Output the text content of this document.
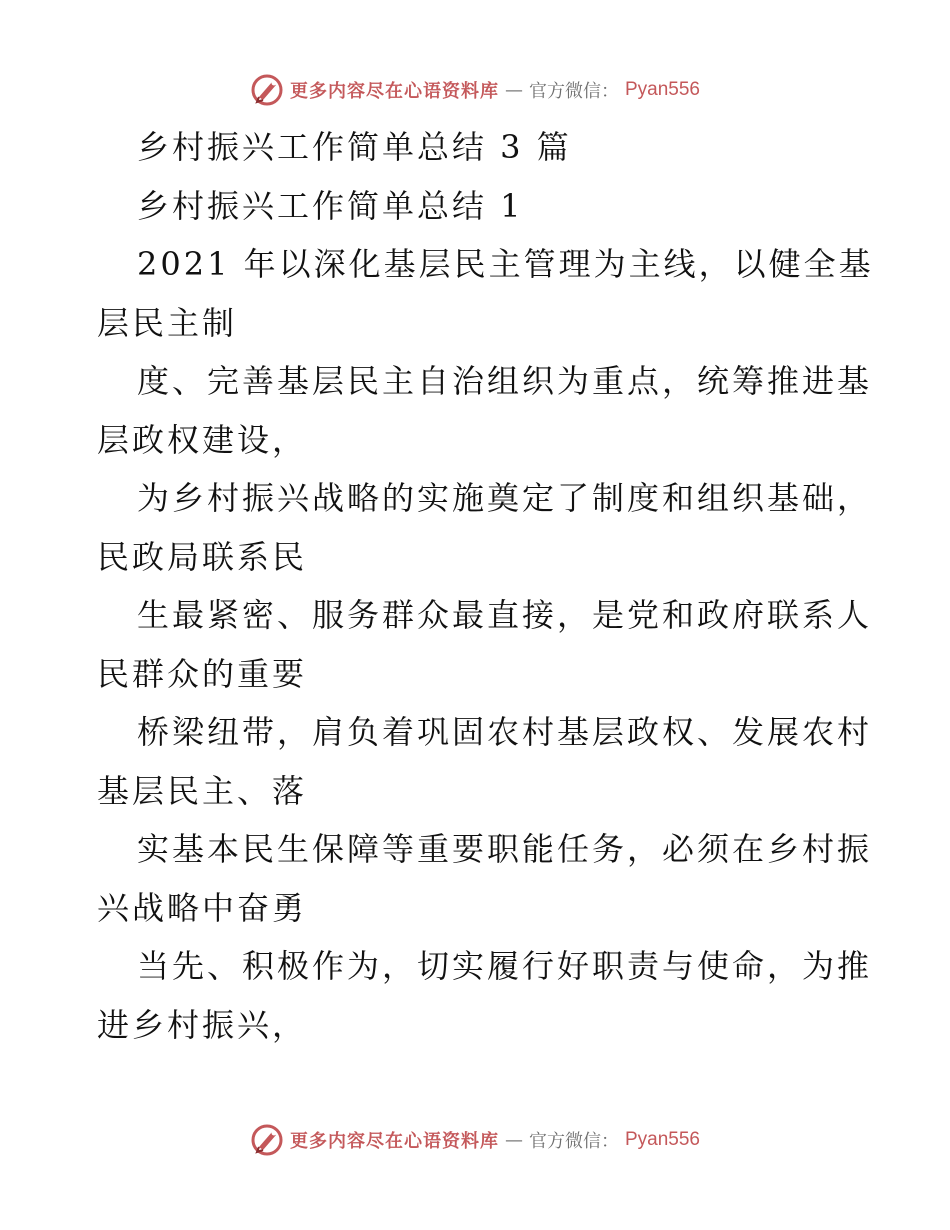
更多内容尽在心语资料库 — 官方微信： Pyan556
乡村振兴工作简单总结 3 篇
乡村振兴工作简单总结 1
2021 年以深化基层民主管理为主线，以健全基
层民主制
度、完善基层民主自治组织为重点，统筹推进基
层政权建设，
为乡村振兴战略的实施奠定了制度和组织基础，
民政局联系民
生最紧密、服务群众最直接，是党和政府联系人
民群众的重要
桥梁纽带，肩负着巩固农村基层政权、发展农村
基层民主、落
实基本民生保障等重要职能任务，必须在乡村振
兴战略中奋勇
当先、积极作为，切实履行好职责与使命，为推
进乡村振兴，
更多内容尽在心语资料库 — 官方微信： Pyan556
